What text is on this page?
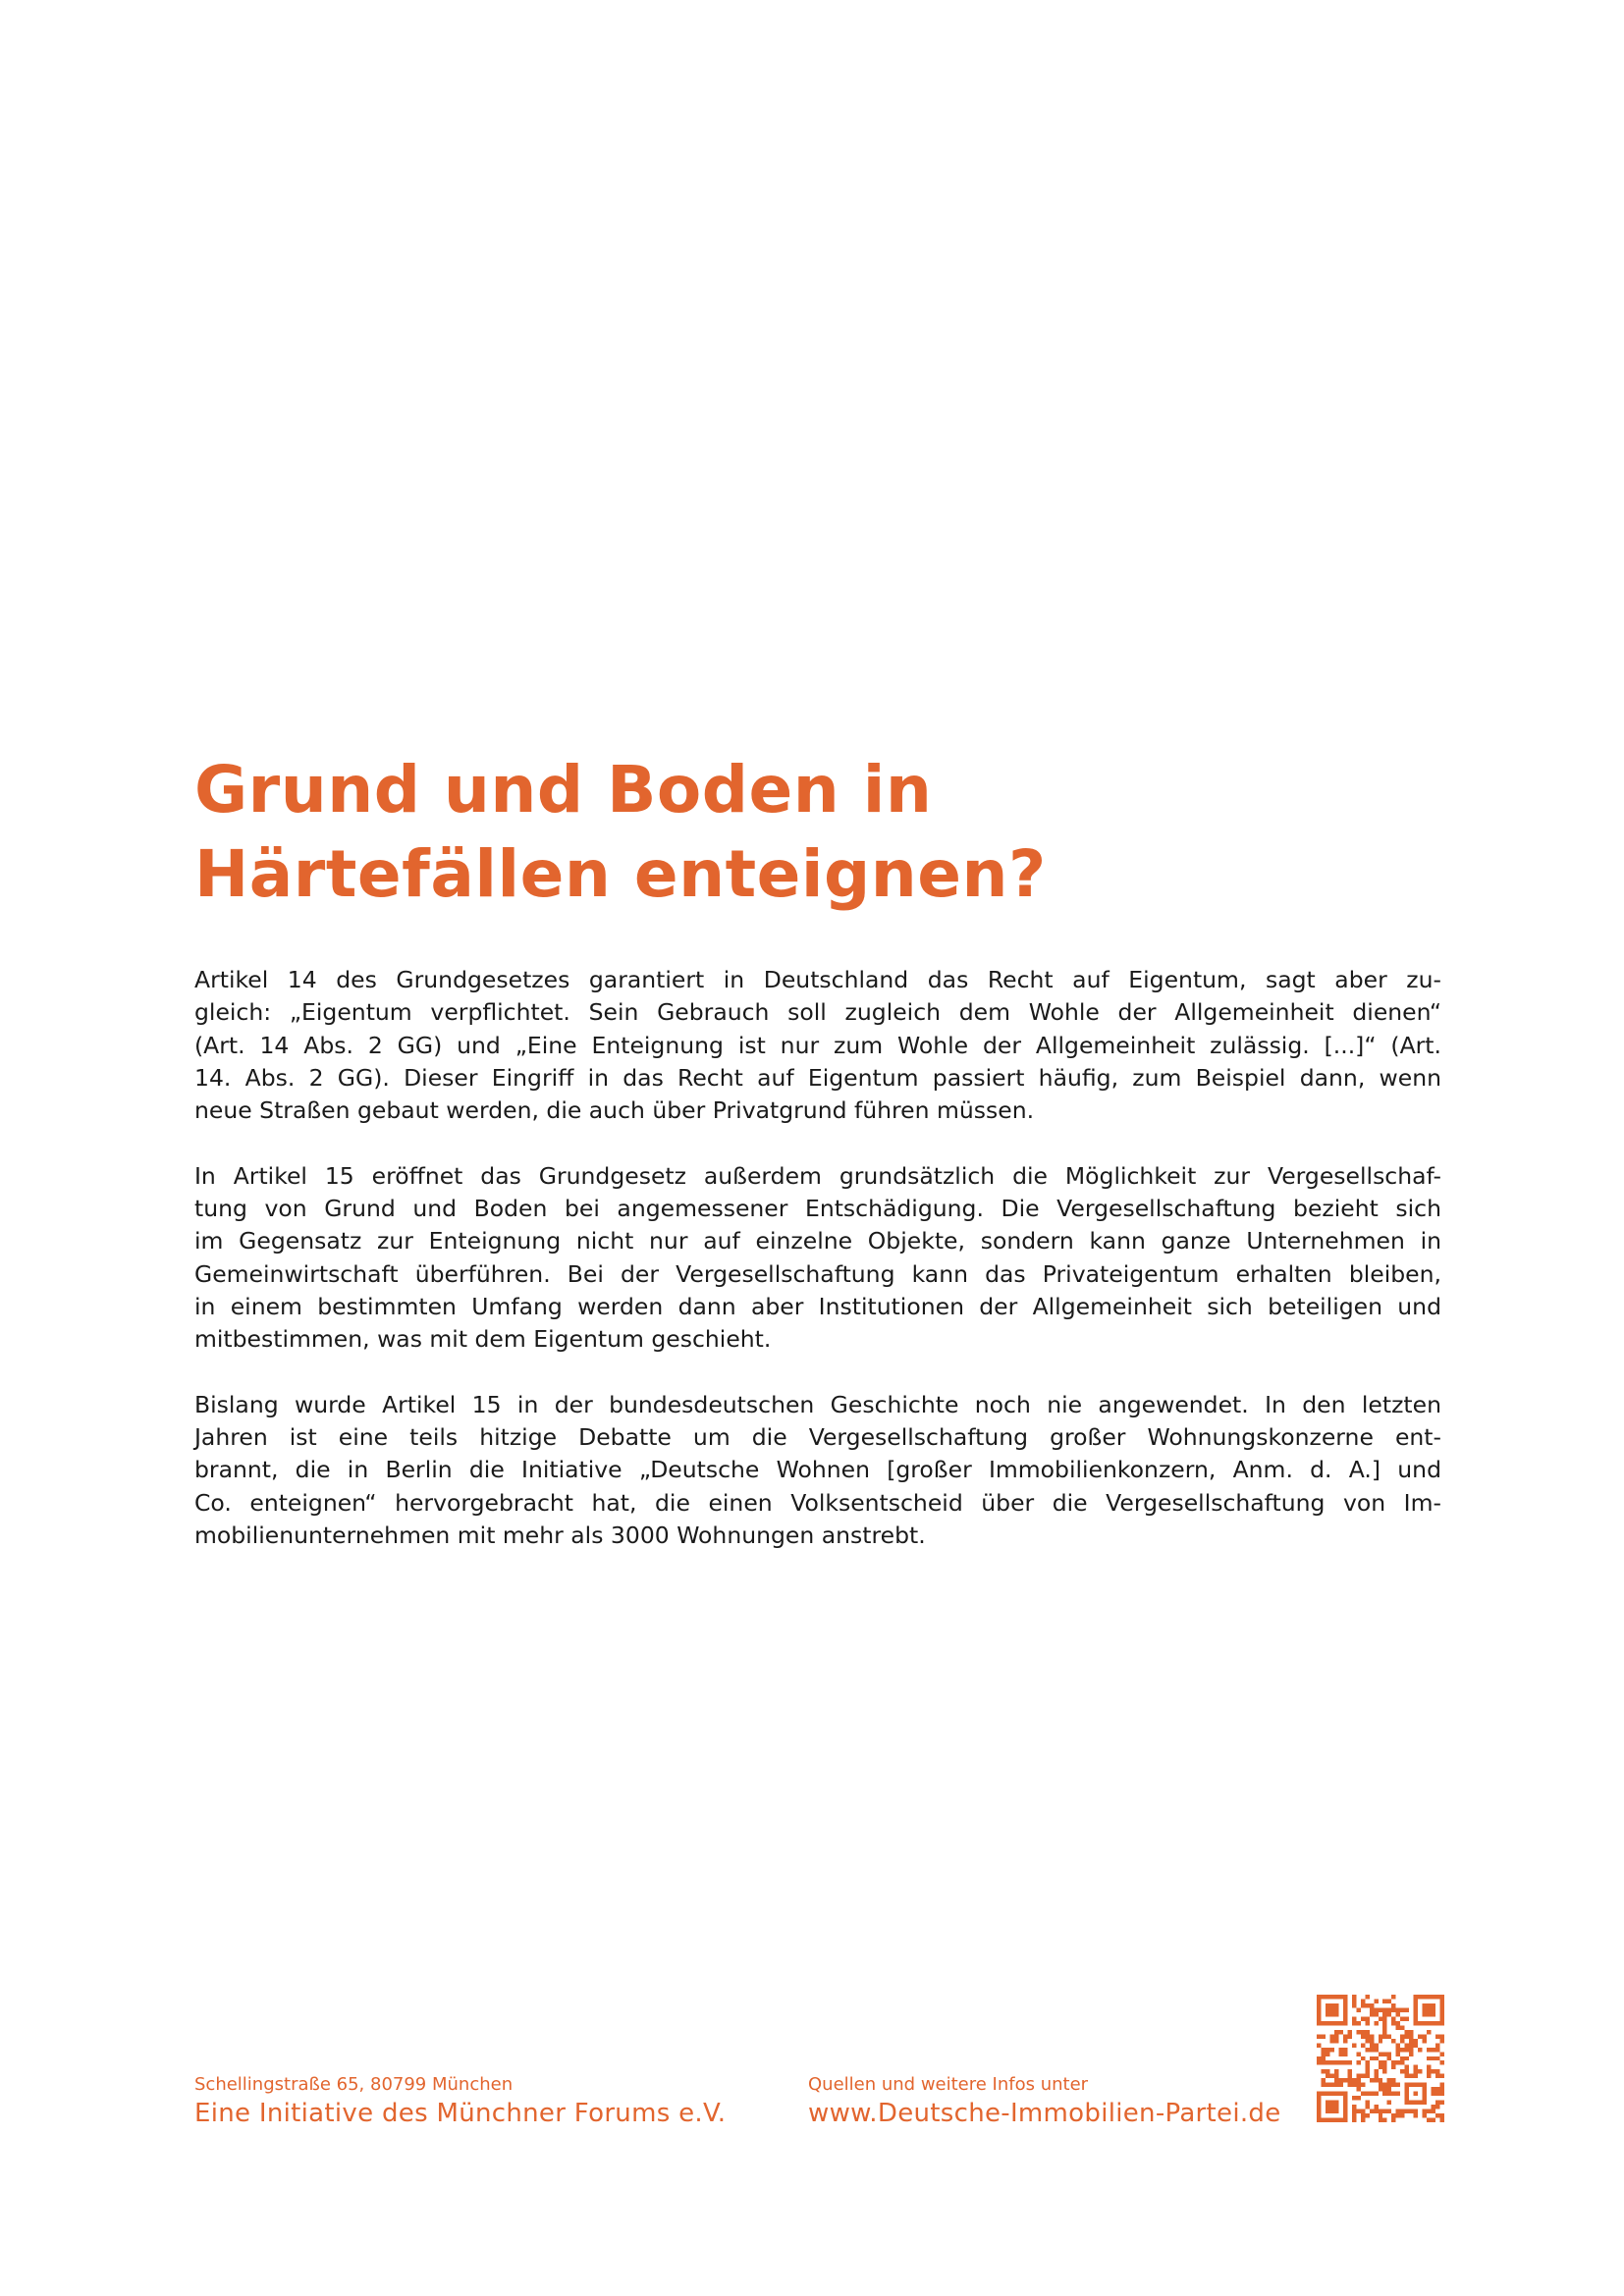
Grund und Boden in
Härtefällen enteignen?

Artikel 14 des Grundgesetzes garantiert in Deutschland das Recht auf Eigentum, sagt aber zu-
gleich: „Eigentum verpflichtet. Sein Gebrauch soll zugleich dem Wohle der Allgemeinheit dienen“
(Art. 14 Abs. 2 GG) und „Eine Enteignung ist nur zum Wohle der Allgemeinheit zulässig. [...]“ (Art.
14. Abs. 2 GG). Dieser Eingriff in das Recht auf Eigentum passiert häufig, zum Beispiel dann, wenn
neue Straßen gebaut werden, die auch über Privatgrund führen müssen.

In Artikel 15 eröffnet das Grundgesetz außerdem grundsätzlich die Möglichkeit zur Vergesellschaf-
tung von Grund und Boden bei angemessener Entschädigung. Die Vergesellschaftung bezieht sich
im Gegensatz zur Enteignung nicht nur auf einzelne Objekte, sondern kann ganze Unternehmen in
Gemeinwirtschaft überführen. Bei der Vergesellschaftung kann das Privateigentum erhalten bleiben,
in einem bestimmten Umfang werden dann aber Institutionen der Allgemeinheit sich beteiligen und
mitbestimmen, was mit dem Eigentum geschieht.

Bislang wurde Artikel 15 in der bundesdeutschen Geschichte noch nie angewendet. In den letzten
Jahren ist eine teils hitzige Debatte um die Vergesellschaftung großer Wohnungskonzerne ent-
brannt, die in Berlin die Initiative „Deutsche Wohnen [großer Immobilienkonzern, Anm. d. A.] und
Co. enteignen“ hervorgebracht hat, die einen Volksentscheid über die Vergesellschaftung von Im-
mobilienunternehmen mit mehr als 3000 Wohnungen anstrebt.

Schellingstraße 65, 80799 München
Eine Initiative des Münchner Forums e.V.
Quellen und weitere Infos unter
www.Deutsche-Immobilien-Partei.de
